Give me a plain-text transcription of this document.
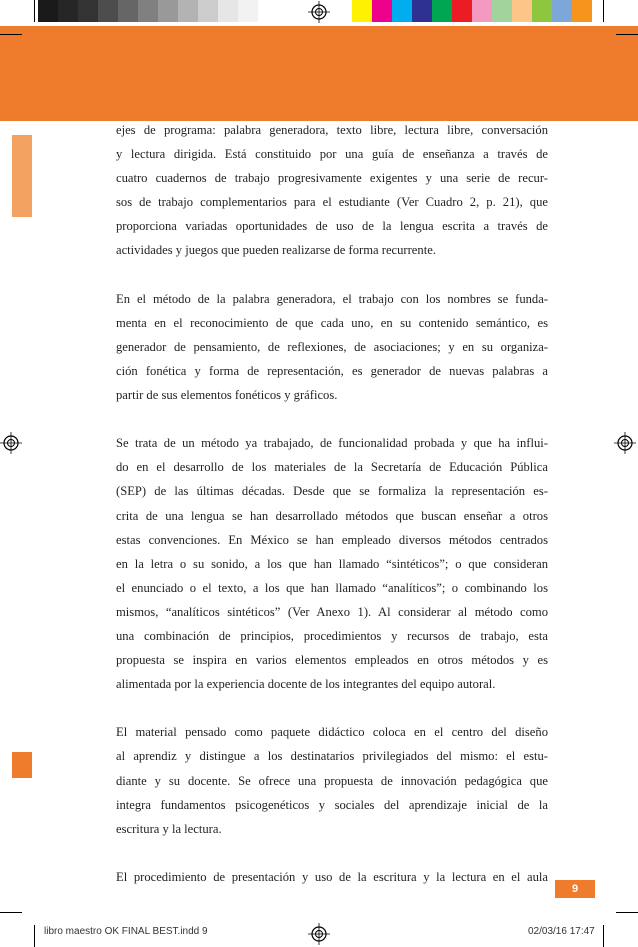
ejes de programa: palabra generadora, texto libre, lectura libre, conversación
y lectura dirigida. Está constituido por una guía de enseñanza a través de
cuatro cuadernos de trabajo progresivamente exigentes y una serie de recur-
sos de trabajo complementarios para el estudiante (Ver Cuadro 2, p. 21), que
proporciona variadas oportunidades de uso de la lengua escrita a través de
actividades y juegos que pueden realizarse de forma recurrente.

En el método de la palabra generadora, el trabajo con los nombres se funda-
menta en el reconocimiento de que cada uno, en su contenido semántico, es
generador de pensamiento, de reflexiones, de asociaciones; y en su organiza-
ción fonética y forma de representación, es generador de nuevas palabras a
partir de sus elementos fonéticos y gráficos.

Se trata de un método ya trabajado, de funcionalidad probada y que ha influi-
do en el desarrollo de los materiales de la Secretaría de Educación Pública
(SEP) de las últimas décadas. Desde que se formaliza la representación es-
crita de una lengua se han desarrollado métodos que buscan enseñar a otros
estas convenciones. En México se han empleado diversos métodos centrados
en la letra o su sonido, a los que han llamado “sintéticos”; o que consideran
el enunciado o el texto, a los que han llamado “analíticos”; o combinando los
mismos, “analíticos sintéticos” (Ver Anexo 1). Al considerar al método como
una combinación de principios, procedimientos y recursos de trabajo, esta
propuesta se inspira en varios elementos empleados en otros métodos y es
alimentada por la experiencia docente de los integrantes del equipo autoral.

El material pensado como paquete didáctico coloca en el centro del diseño
al aprendiz y distingue a los destinatarios privilegiados del mismo: el estu-
diante y su docente. Se ofrece una propuesta de innovación pedagógica que
integra fundamentos psicogenéticos y sociales del aprendizaje inicial de la
escritura y la lectura.

El procedimiento de presentación y uso de la escritura y la lectura en el aula

9
libro maestro OK FINAL BEST.indd 9	02/03/16 17:47
